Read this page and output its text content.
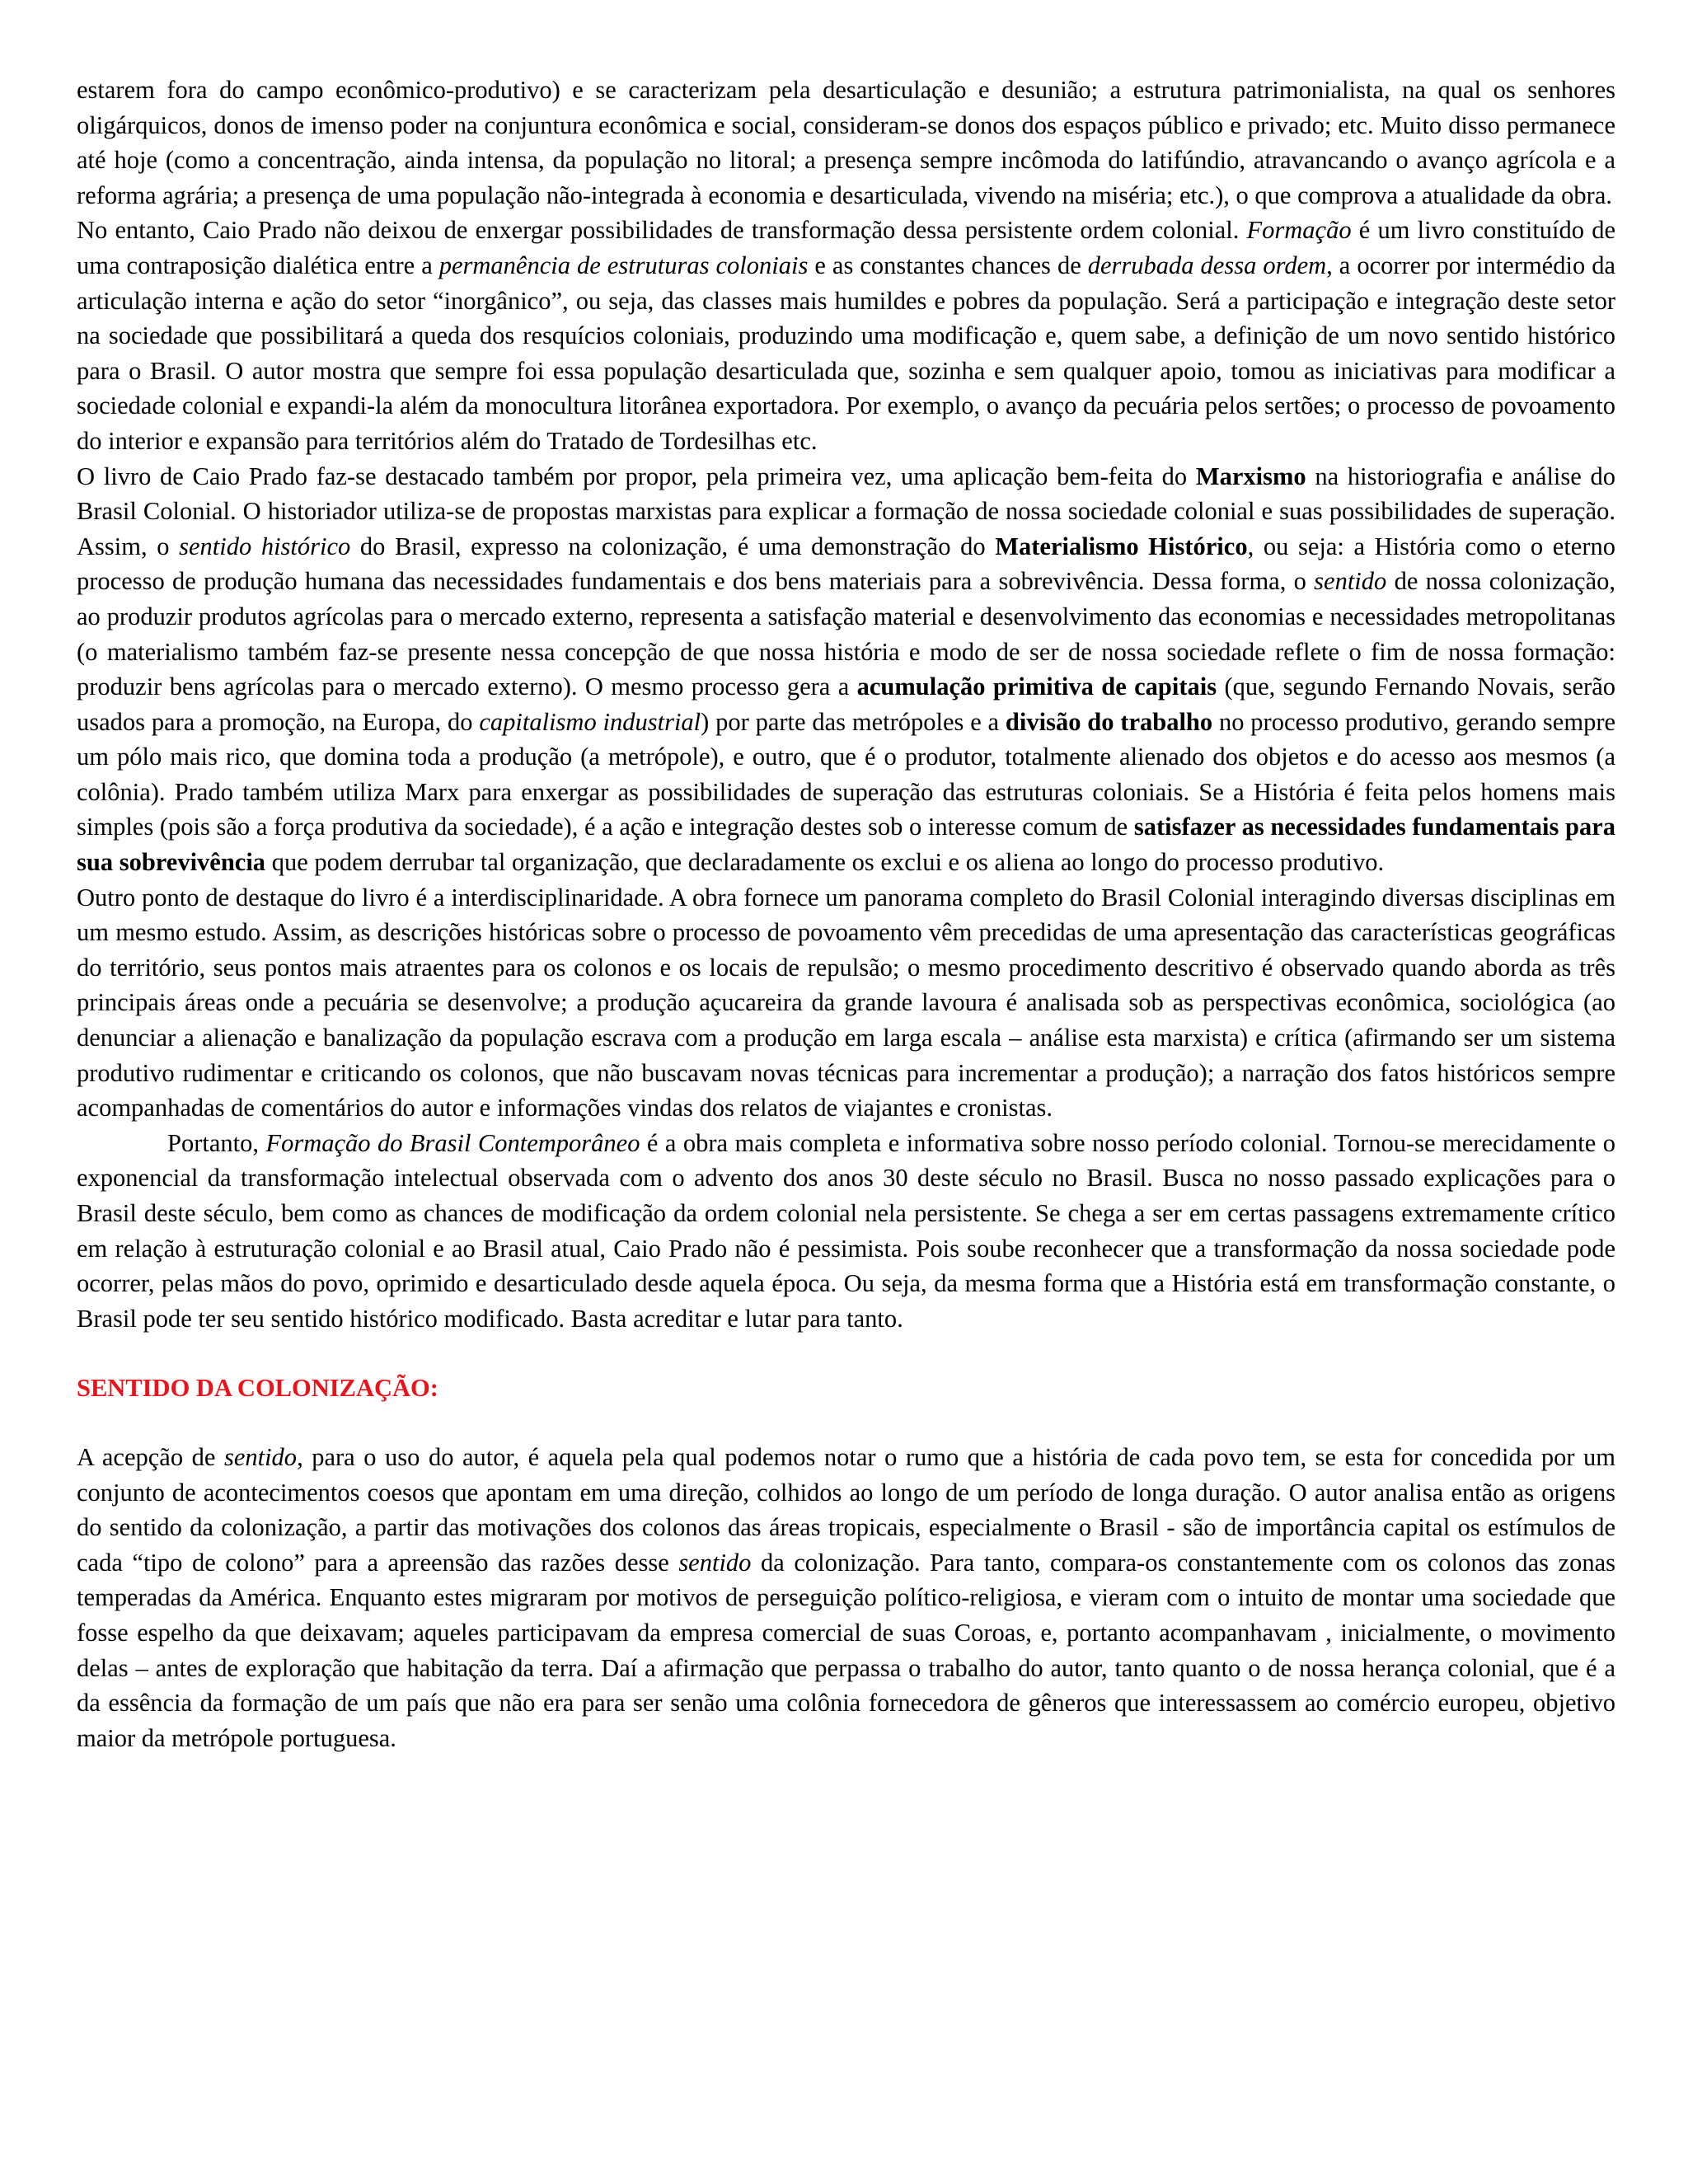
estarem fora do campo econômico-produtivo) e se caracterizam pela desarticulação e desunião; a estrutura patrimonialista, na qual os senhores oligárquicos, donos de imenso poder na conjuntura econômica e social, consideram-se donos dos espaços público e privado; etc. Muito disso permanece até hoje (como a concentração, ainda intensa, da população no litoral; a presença sempre incômoda do latifúndio, atravancando o avanço agrícola e a reforma agrária; a presença de uma população não-integrada à economia e desarticulada, vivendo na miséria; etc.), o que comprova a atualidade da obra.

No entanto, Caio Prado não deixou de enxergar possibilidades de transformação dessa persistente ordem colonial. Formação é um livro constituído de uma contraposição dialética entre a permanência de estruturas coloniais e as constantes chances de derrubada dessa ordem, a ocorrer por intermédio da articulação interna e ação do setor “inorgânico”, ou seja, das classes mais humildes e pobres da população. Será a participação e integração deste setor na sociedade que possibilitará a queda dos resquícios coloniais, produzindo uma modificação e, quem sabe, a definição de um novo sentido histórico para o Brasil. O autor mostra que sempre foi essa população desarticulada que, sozinha e sem qualquer apoio, tomou as iniciativas para modificar a sociedade colonial e expandi-la além da monocultura litorânea exportadora. Por exemplo, o avanço da pecuária pelos sertões; o processo de povoamento do interior e expansão para territórios além do Tratado de Tordesilhas etc.

O livro de Caio Prado faz-se destacado também por propor, pela primeira vez, uma aplicação bem-feita do Marxismo na historiografia e análise do Brasil Colonial. O historiador utiliza-se de propostas marxistas para explicar a formação de nossa sociedade colonial e suas possibilidades de superação. Assim, o sentido histórico do Brasil, expresso na colonização, é uma demonstração do Materialismo Histórico, ou seja: a História como o eterno processo de produção humana das necessidades fundamentais e dos bens materiais para a sobrevivência. Dessa forma, o sentido de nossa colonização, ao produzir produtos agrícolas para o mercado externo, representa a satisfação material e desenvolvimento das economias e necessidades metropolitanas (o materialismo também faz-se presente nessa concepção de que nossa história e modo de ser de nossa sociedade reflete o fim de nossa formação: produzir bens agrícolas para o mercado externo). O mesmo processo gera a acumulação primitiva de capitais (que, segundo Fernando Novais, serão usados para a promoção, na Europa, do capitalismo industrial) por parte das metrópoles e a divisão do trabalho no processo produtivo, gerando sempre um pólo mais rico, que domina toda a produção (a metrópole), e outro, que é o produtor, totalmente alienado dos objetos e do acesso aos mesmos (a colônia). Prado também utiliza Marx para enxergar as possibilidades de superação das estruturas coloniais. Se a História é feita pelos homens mais simples (pois são a força produtiva da sociedade), é a ação e integração destes sob o interesse comum de satisfazer as necessidades fundamentais para sua sobrevivência que podem derrubar tal organização, que declaradamente os exclui e os aliena ao longo do processo produtivo.

Outro ponto de destaque do livro é a interdisciplinaridade. A obra fornece um panorama completo do Brasil Colonial interagindo diversas disciplinas em um mesmo estudo. Assim, as descrições históricas sobre o processo de povoamento vêm precedidas de uma apresentação das características geográficas do território, seus pontos mais atraentes para os colonos e os locais de repulsão; o mesmo procedimento descritivo é observado quando aborda as três principais áreas onde a pecuária se desenvolve; a produção açucareira da grande lavoura é analisada sob as perspectivas econômica, sociológica (ao denunciar a alienação e banalização da população escrava com a produção em larga escala – análise esta marxista) e crítica (afirmando ser um sistema produtivo rudimentar e criticando os colonos, que não buscavam novas técnicas para incrementar a produção); a narração dos fatos históricos sempre acompanhadas de comentários do autor e informações vindas dos relatos de viajantes e cronistas.

Portanto, Formação do Brasil Contemporâneo é a obra mais completa e informativa sobre nosso período colonial. Tornou-se merecidamente o exponencial da transformação intelectual observada com o advento dos anos 30 deste século no Brasil. Busca no nosso passado explicações para o Brasil deste século, bem como as chances de modificação da ordem colonial nela persistente. Se chega a ser em certas passagens extremamente crítico em relação à estruturação colonial e ao Brasil atual, Caio Prado não é pessimista. Pois soube reconhecer que a transformação da nossa sociedade pode ocorrer, pelas mãos do povo, oprimido e desarticulado desde aquela época. Ou seja, da mesma forma que a História está em transformação constante, o Brasil pode ter seu sentido histórico modificado. Basta acreditar e lutar para tanto.

SENTIDO DA COLONIZAÇÃO:

A acepção de sentido, para o uso do autor, é aquela pela qual podemos notar o rumo que a história de cada povo tem, se esta for concedida por um conjunto de acontecimentos coesos que apontam em uma direção, colhidos ao longo de um período de longa duração. O autor analisa então as origens do sentido da colonização, a partir das motivações dos colonos das áreas tropicais, especialmente o Brasil - são de importância capital os estímulos de cada “tipo de colono” para a apreensão das razões desse sentido da colonização. Para tanto, compara-os constantemente com os colonos das zonas temperadas da América. Enquanto estes migraram por motivos de perseguição político-religiosa, e vieram com o intuito de montar uma sociedade que fosse espelho da que deixavam; aqueles participavam da empresa comercial de suas Coroas, e, portanto acompanhavam , inicialmente, o movimento delas – antes de exploração que habitação da terra. Daí a afirmação que perpassa o trabalho do autor, tanto quanto o de nossa herança colonial, que é a da essência da formação de um país que não era para ser senão uma colônia fornecedora de gêneros que interessassem ao comércio europeu, objetivo maior da metrópole portuguesa.
